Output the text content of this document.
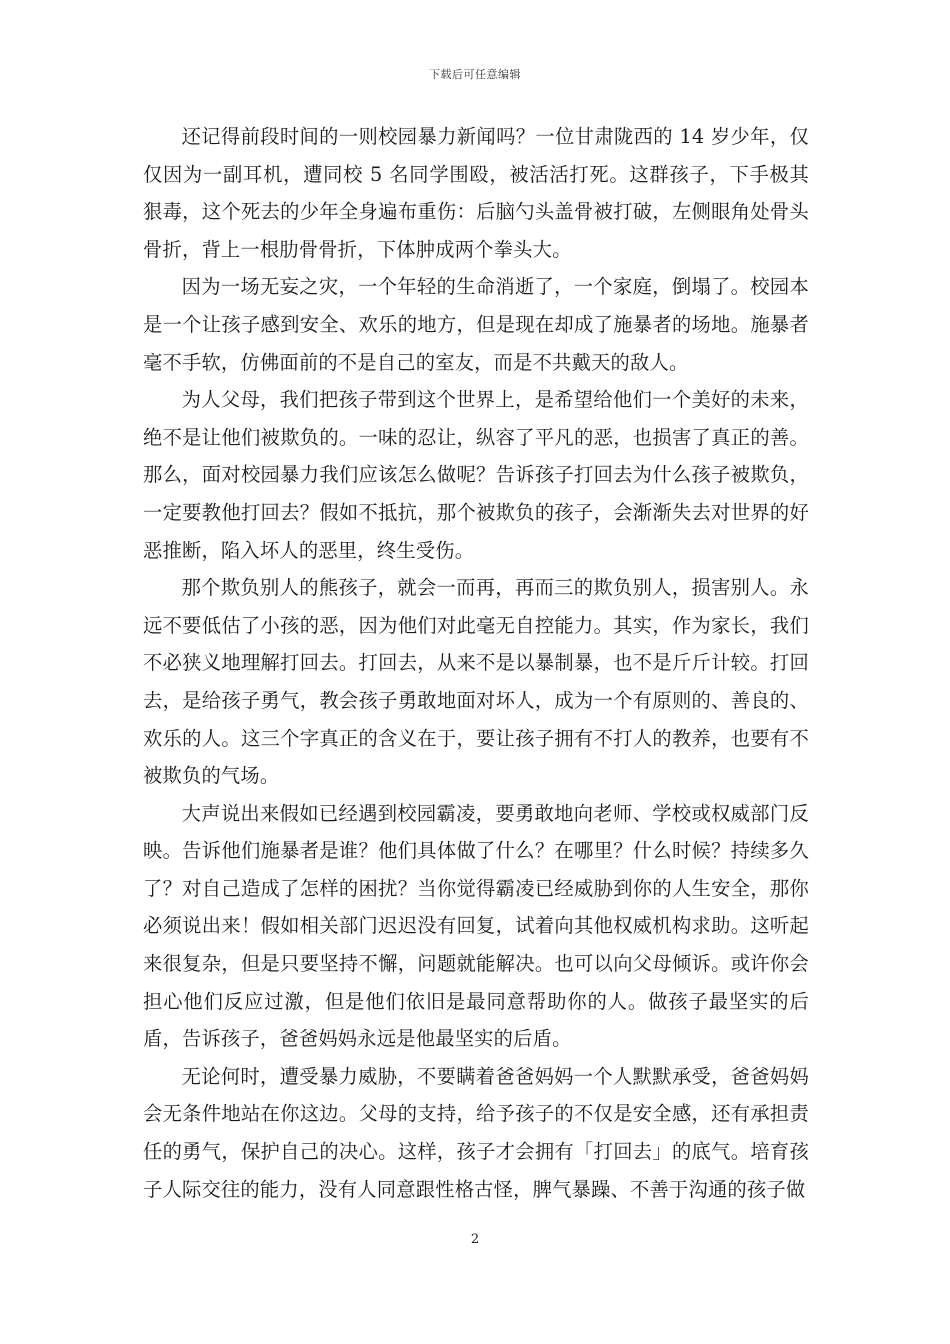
下载后可任意编辑

还记得前段时间的一则校园暴力新闻吗？一位甘肃陇西的 14 岁少年，仅仅因为一副耳机，遭同校 5 名同学围殴，被活活打死。这群孩子，下手极其狠毒，这个死去的少年全身遍布重伤：后脑勺头盖骨被打破，左侧眼角处骨头骨折，背上一根肋骨骨折，下体肿成两个拳头大。

因为一场无妄之灾，一个年轻的生命消逝了，一个家庭，倒塌了。校园本是一个让孩子感到安全、欢乐的地方，但是现在却成了施暴者的场地。施暴者毫不手软，仿佛面前的不是自己的室友，而是不共戴天的敌人。

为人父母，我们把孩子带到这个世界上，是希望给他们一个美好的未来，绝不是让他们被欺负的。一味的忍让，纵容了平凡的恶，也损害了真正的善。那么，面对校园暴力我们应该怎么做呢？告诉孩子打回去为什么孩子被欺负，一定要教他打回去？假如不抵抗，那个被欺负的孩子，会渐渐失去对世界的好恶推断，陷入坏人的恶里，终生受伤。

那个欺负别人的熊孩子，就会一而再，再而三的欺负别人，损害别人。永远不要低估了小孩的恶，因为他们对此毫无自控能力。其实，作为家长，我们不必狭义地理解打回去。打回去，从来不是以暴制暴，也不是斤斤计较。打回去，是给孩子勇气，教会孩子勇敢地面对坏人，成为一个有原则的、善良的、欢乐的人。这三个字真正的含义在于，要让孩子拥有不打人的教养，也要有不被欺负的气场。

大声说出来假如已经遇到校园霸凌，要勇敢地向老师、学校或权威部门反映。告诉他们施暴者是谁？他们具体做了什么？在哪里？什么时候？持续多久了？对自己造成了怎样的困扰？当你觉得霸凌已经威胁到你的人生安全，那你必须说出来！假如相关部门迟迟没有回复，试着向其他权威机构求助。这听起来很复杂，但是只要坚持不懈，问题就能解决。也可以向父母倾诉。或许你会担心他们反应过激，但是他们依旧是最同意帮助你的人。做孩子最坚实的后盾，告诉孩子，爸爸妈妈永远是他最坚实的后盾。

无论何时，遭受暴力威胁，不要瞒着爸爸妈妈一个人默默承受，爸爸妈妈会无条件地站在你这边。父母的支持，给予孩子的不仅是安全感，还有承担责任的勇气，保护自己的决心。这样，孩子才会拥有「打回去」的底气。培育孩子人际交往的能力，没有人同意跟性格古怪，脾气暴躁、不善于沟通的孩子做

2
